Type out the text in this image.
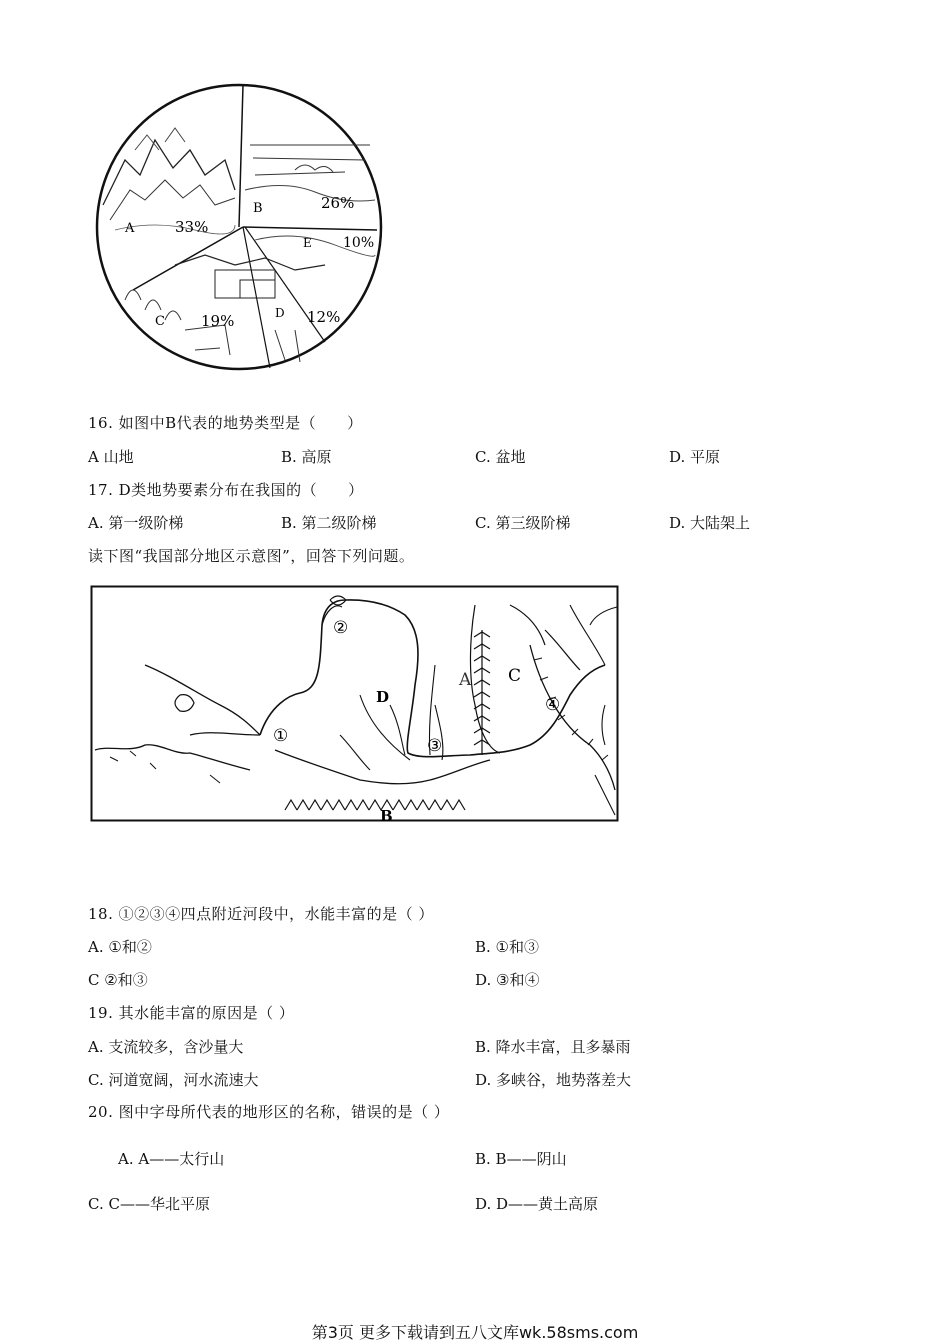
A	33%
B	26%
E 10%
D 12%
C 19%
16. 如图中B代表的地势类型是（　　）
A 山地	B. 高原	C. 盆地	D. 平原
17. D类地势要素分布在我国的（　　）
A. 第一级阶梯	B. 第二级阶梯	C. 第三级阶梯	D. 大陆架上
读下图“我国部分地区示意图”，回答下列问题。
①
②
③
④
A
B
C
D
18. ①②③④四点附近河段中，水能丰富的是（ ）
A. ①和②	B. ①和③
C ②和③	D. ③和④
19. 其水能丰富的原因是（ ）
A. 支流较多，含沙量大	B. 降水丰富，且多暴雨
C. 河道宽阔，河水流速大	D. 多峡谷，地势落差大
20. 图中字母所代表的地形区的名称，错误的是（ ）
A. A——太行山	B. B——阴山
C. C——华北平原	D. D——黄土高原
第3页 更多下载请到五八文库wk.58sms.com
